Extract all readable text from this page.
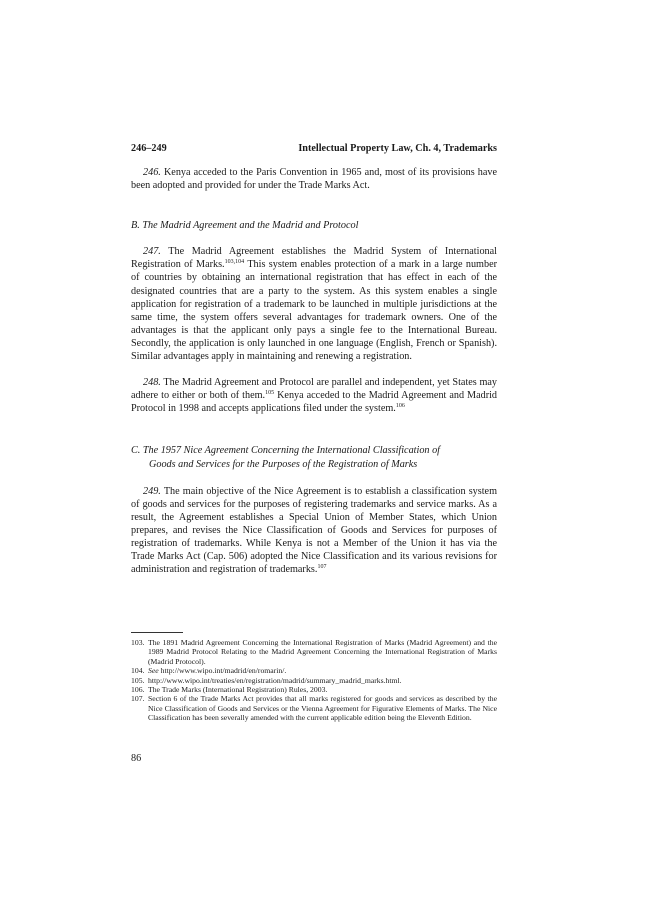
246–249	Intellectual Property Law, Ch. 4, Trademarks

246. Kenya acceded to the Paris Convention in 1965 and, most of its provisions have been adopted and provided for under the Trade Marks Act.

B. The Madrid Agreement and the Madrid and Protocol

247. The Madrid Agreement establishes the Madrid System of International Registration of Marks.$^{103,104}$ This system enables protection of a mark in a large number of countries by obtaining an international registration that has effect in each of the designated countries that are a party to the system. As this system enables a single application for registration of a trademark to be launched in multiple jurisdictions at the same time, the system offers several advantages for trademark owners. One of the advantages is that the applicant only pays a single fee to the International Bureau. Secondly, the application is only launched in one language (English, French or Spanish). Similar advantages apply in maintaining and renewing a registration.

248. The Madrid Agreement and Protocol are parallel and independent, yet States may adhere to either or both of them.$^{105}$ Kenya acceded to the Madrid Agreement and Madrid Protocol in 1998 and accepts applications filed under the system.$^{106}$

C. The 1957 Nice Agreement Concerning the International Classification of
Goods and Services for the Purposes of the Registration of Marks

249. The main objective of the Nice Agreement is to establish a classification system of goods and services for the purposes of registering trademarks and service marks. As a result, the Agreement establishes a Special Union of Member States, which Union prepares, and revises the Nice Classification of Goods and Services for purposes of registration of trademarks. While Kenya is not a Member of the Union it has via the Trade Marks Act (Cap. 506) adopted the Nice Classification and its various revisions for administration and registration of trademarks.$^{107}$

103. The 1891 Madrid Agreement Concerning the International Registration of Marks (Madrid Agreement) and the 1989 Madrid Protocol Relating to the Madrid Agreement Concerning the International Registration of Marks (Madrid Protocol).
104. See http://www.wipo.int/madrid/en/romarin/.
105. http://www.wipo.int/treaties/en/registration/madrid/summary_madrid_marks.html.
106. The Trade Marks (International Registration) Rules, 2003.
107. Section 6 of the Trade Marks Act provides that all marks registered for goods and services as described by the Nice Classification of Goods and Services or the Vienna Agreement for Figurative Elements of Marks. The Nice Classification has been severally amended with the current applicable edition being the Eleventh Edition.
86
